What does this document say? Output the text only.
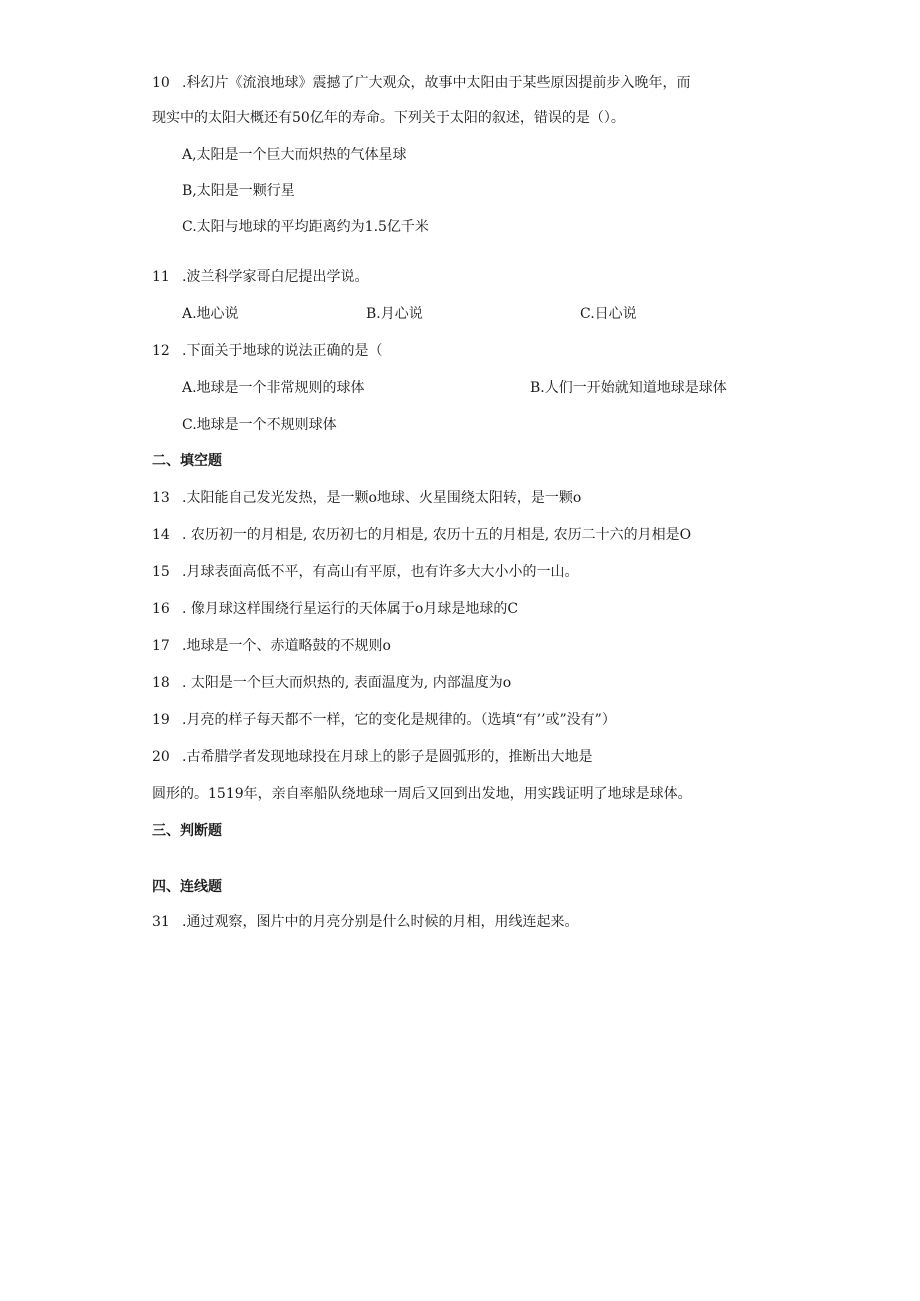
10 .科幻片《流浪地球》震撼了广大观众，故事中太阳由于某些原因提前步入晚年，而
现实中的太阳大概还有50亿年的寿命。下列关于太阳的叙述，错误的是（）。
A,太阳是一个巨大而炽热的气体星球
B,太阳是一颗行星
C.太阳与地球的平均距离约为1.5亿千米
11 .波兰科学家哥白尼提出学说。
A.地心说	B.月心说	C.日心说
12 .下面关于地球的说法正确的是（
A.地球是一个非常规则的球体	B.人们一开始就知道地球是球体
C.地球是一个不规则球体
二、填空题
13 .太阳能自己发光发热，是一颗o地球、火星围绕太阳转，是一颗o
14 . 农历初一的月相是, 农历初七的月相是, 农历十五的月相是, 农历二十六的月相是O
15 .月球表面高低不平，有高山有平原，也有许多大大小小的一山。
16 . 像月球这样围绕行星运行的天体属于o月球是地球的C
17 .地球是一个、赤道略鼓的不规则o
18 . 太阳是一个巨大而炽热的, 表面温度为, 内部温度为o
19 .月亮的样子每天都不一样，它的变化是规律的。（选填“有’’或”没有”）
20 .古希腊学者发现地球投在月球上的影子是圆弧形的，推断出大地是
圆形的。1519年，亲自率船队绕地球一周后又回到出发地，用实践证明了地球是球体。
三、判断题
四、连线题
31 .通过观察，图片中的月亮分别是什么时候的月相，用线连起来。
